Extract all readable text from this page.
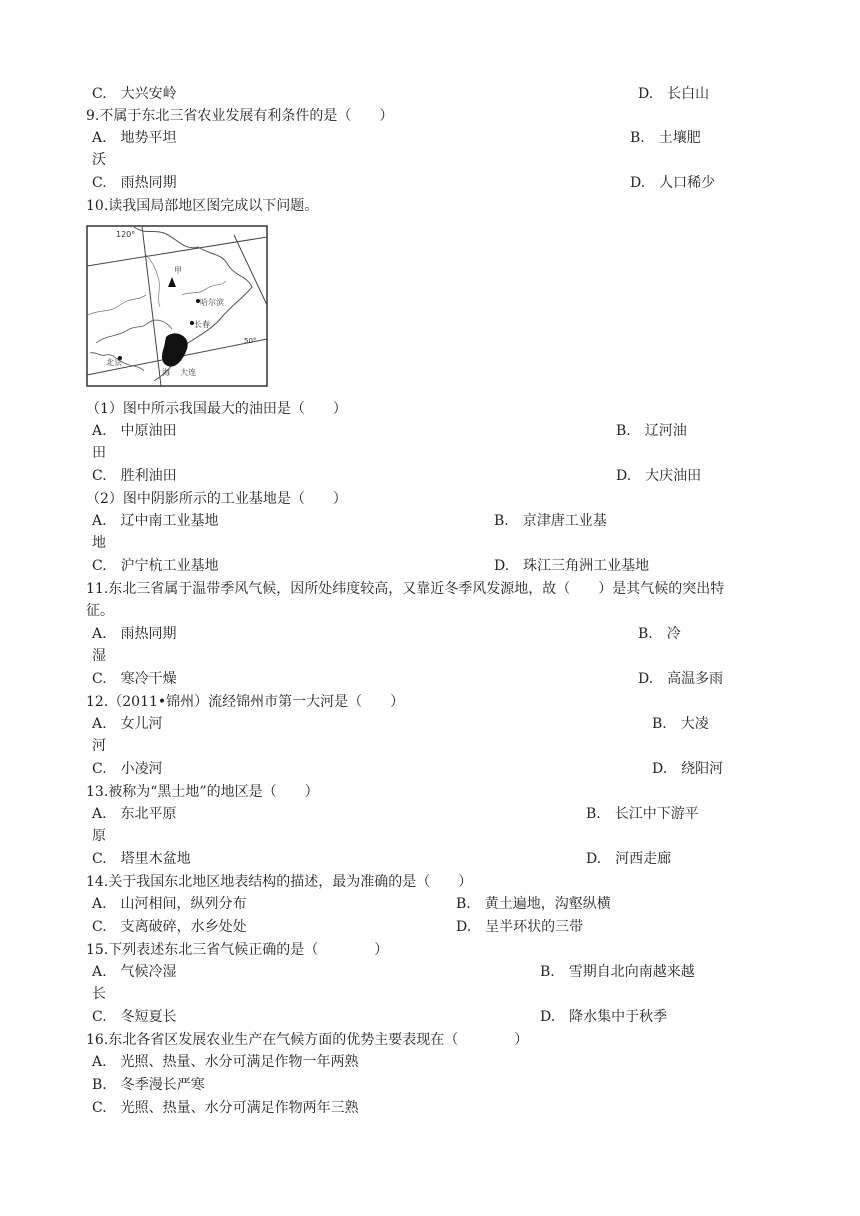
120°
甲
哈尔滨
长春
50°
北京
大连
海
C.　大兴安岭	D.　长白山
9.不属于东北三省农业发展有利条件的是（　　）
A.　地势平坦	B.　土壤肥
沃
C.　雨热同期	D.　人口稀少
10.读我国局部地区图完成以下问题。
（1）图中所示我国最大的油田是（　　）
A.　中原油田	B.　辽河油
田
C.　胜利油田	D.　大庆油田
（2）图中阴影所示的工业基地是（　　）
A.　辽中南工业基地	B.　京津唐工业基
地
C.　沪宁杭工业基地	D.　珠江三角洲工业基地
11.东北三省属于温带季风气候，因所处纬度较高，又靠近冬季风发源地，故（　　）是其气候的突出特
征。
A.　雨热同期	B.　冷
湿
C.　寒冷干燥	D.　高温多雨
12.（2011•锦州）流经锦州市第一大河是（　　）
A.　女儿河	B.　大凌
河
C.　小凌河	D.　绕阳河
13.被称为“黑土地”的地区是（　　）
A.　东北平原	B.　长江中下游平
原
C.　塔里木盆地	D.　河西走廊
14.关于我国东北地区地表结构的描述，最为准确的是（　　）
A.　山河相间，纵列分布	B.　黄土遍地，沟壑纵横
C.　支离破碎，水乡处处	D.　呈半环状的三带
15.下列表述东北三省气候正确的是（　　　　）
A.　气候冷湿	B.　雪期自北向南越来越
长
C.　冬短夏长	D.　降水集中于秋季
16.东北各省区发展农业生产在气候方面的优势主要表现在（　　　　）
A.　光照、热量、水分可满足作物一年两熟
B.　冬季漫长严寒
C.　光照、热量、水分可满足作物两年三熟
